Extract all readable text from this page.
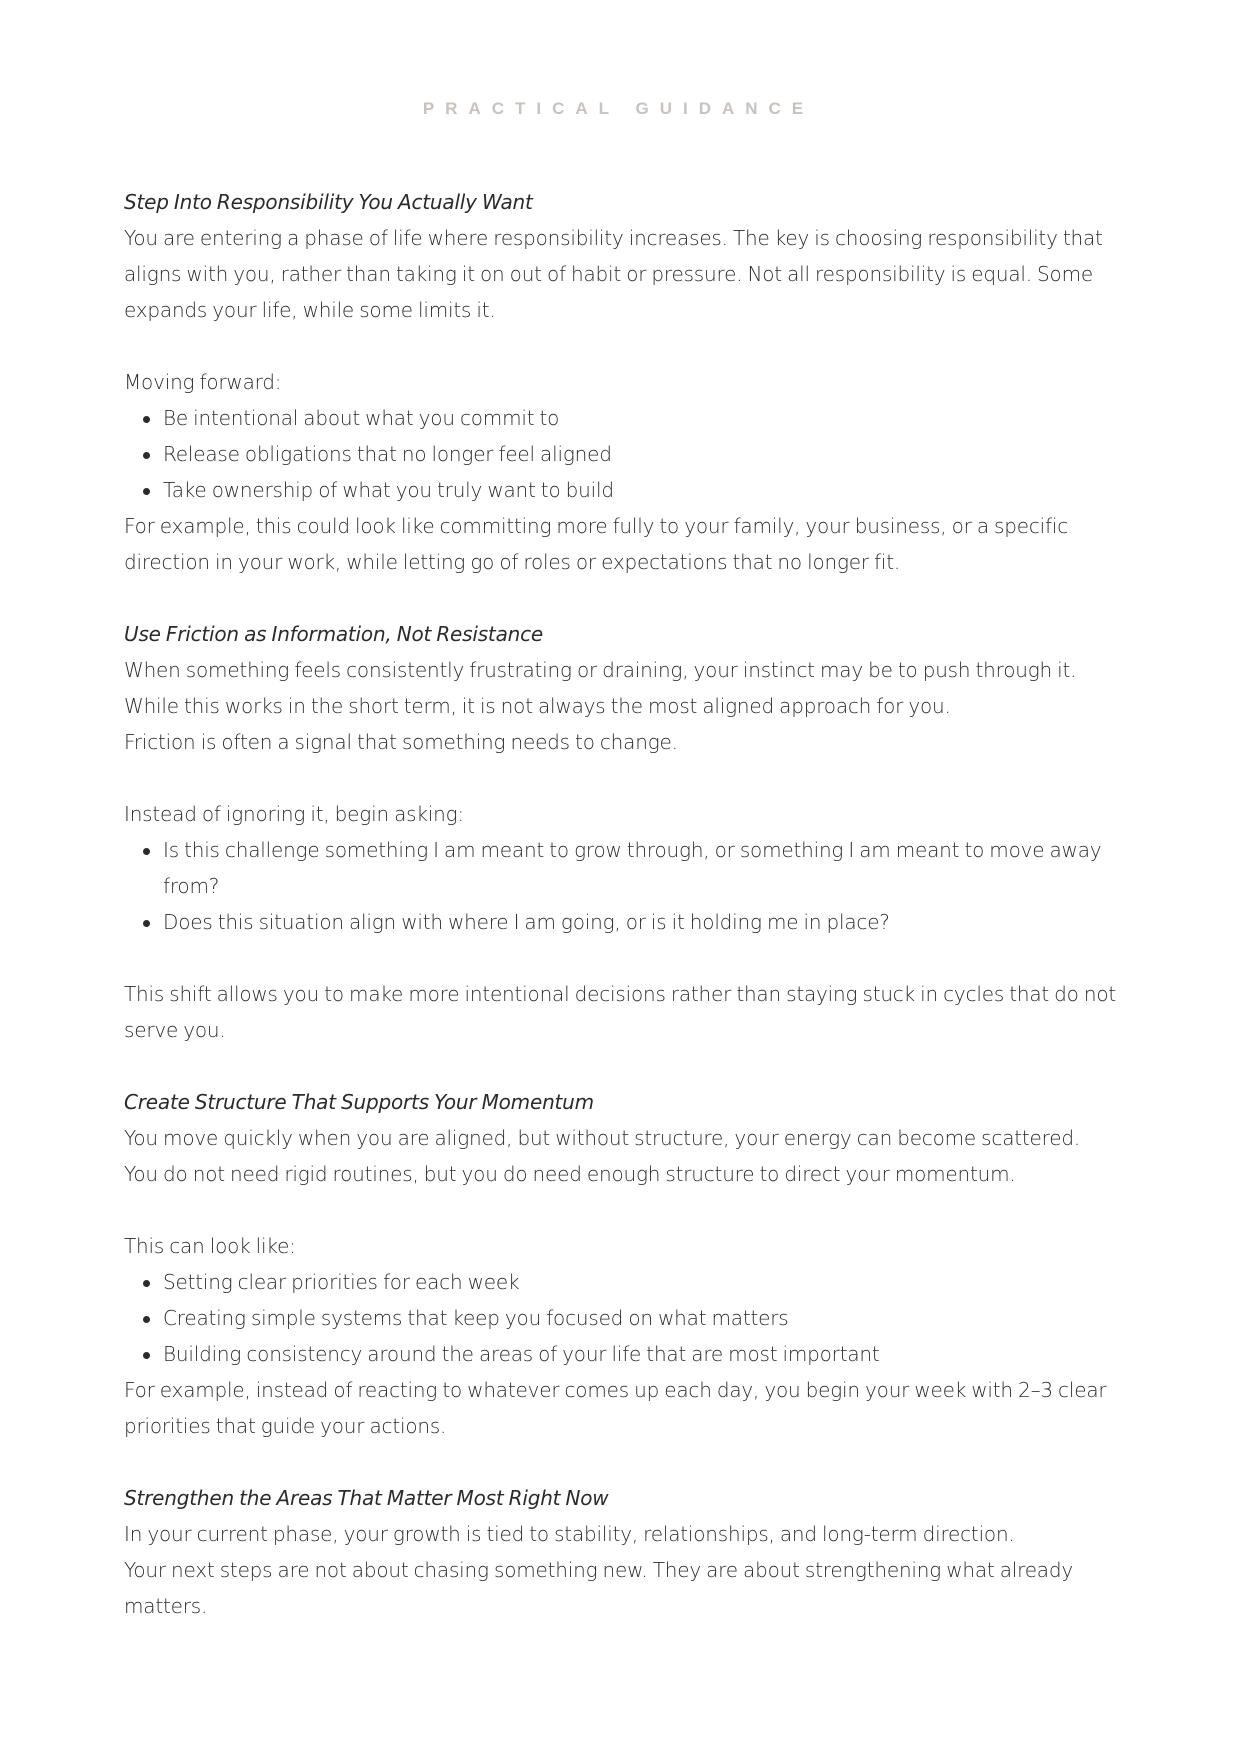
PRACTICAL GUIDANCE

Step Into Responsibility You Actually Want

You are entering a phase of life where responsibility increases. The key is choosing responsibility that aligns with you, rather than taking it on out of habit or pressure. Not all responsibility is equal. Some expands your life, while some limits it.

Moving forward:

Be intentional about what you commit to
Release obligations that no longer feel aligned
Take ownership of what you truly want to build

For example, this could look like committing more fully to your family, your business, or a specific direction in your work, while letting go of roles or expectations that no longer fit.

Use Friction as Information, Not Resistance

When something feels consistently frustrating or draining, your instinct may be to push through it.

While this works in the short term, it is not always the most aligned approach for you.

Friction is often a signal that something needs to change.

Instead of ignoring it, begin asking:

Is this challenge something I am meant to grow through, or something I am meant to move away from?
Does this situation align with where I am going, or is it holding me in place?

This shift allows you to make more intentional decisions rather than staying stuck in cycles that do not serve you.

Create Structure That Supports Your Momentum

You move quickly when you are aligned, but without structure, your energy can become scattered.

You do not need rigid routines, but you do need enough structure to direct your momentum.

This can look like:

Setting clear priorities for each week
Creating simple systems that keep you focused on what matters
Building consistency around the areas of your life that are most important

For example, instead of reacting to whatever comes up each day, you begin your week with 2–3 clear priorities that guide your actions.

Strengthen the Areas That Matter Most Right Now

In your current phase, your growth is tied to stability, relationships, and long-term direction.

Your next steps are not about chasing something new. They are about strengthening what already matters.
